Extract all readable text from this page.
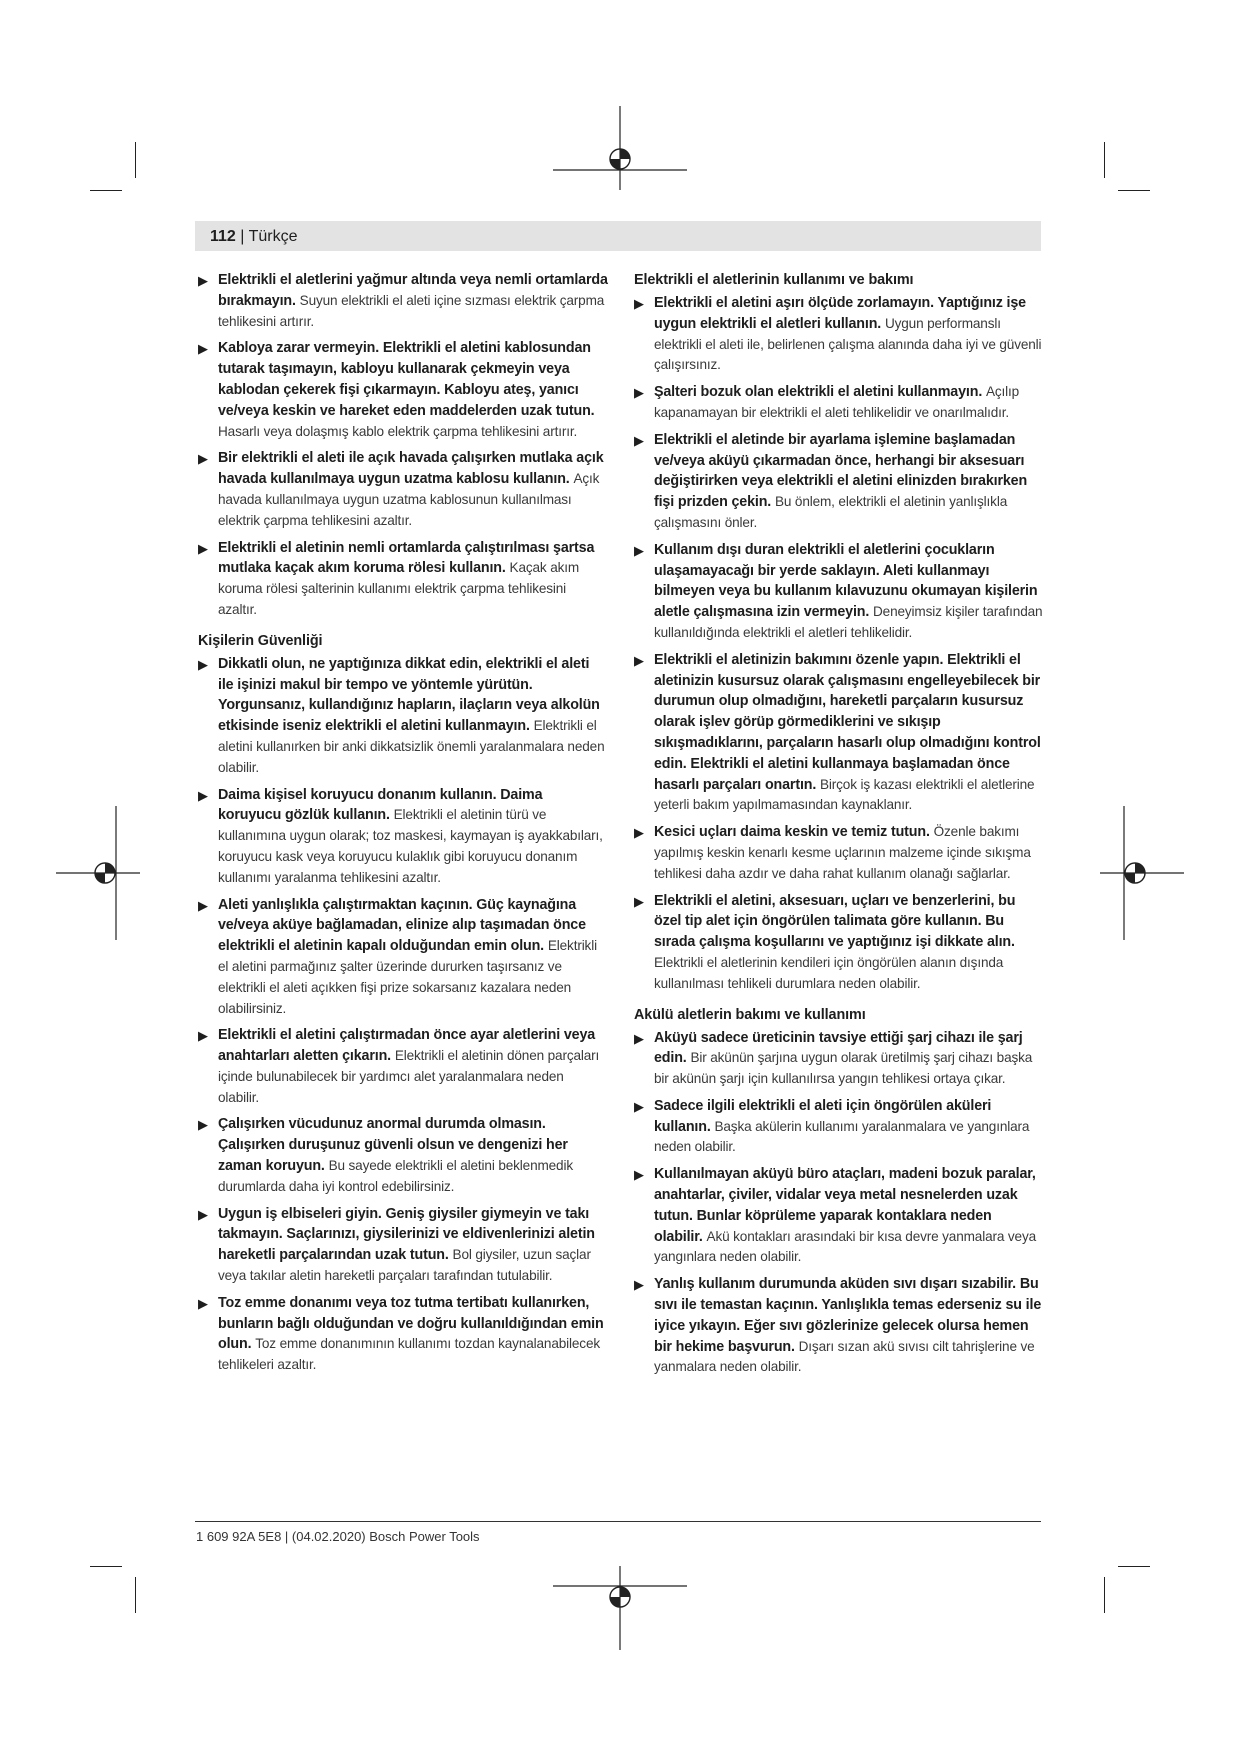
112 | Türkçe
▶ Elektrikli el aletlerini yağmur altında veya nemli ortamlarda bırakmayın. Suyun elektrikli el aleti içine sızması elektrik çarpma tehlikesini artırır.
▶ Kabloya zarar vermeyin. Elektrikli el aletini kablosundan tutarak taşımayın, kabloyu kullanarak çekmeyin veya kablodan çekerek fişi çıkarmayın. Kabloyu ateş, yanıcı ve/veya keskin ve hareket eden maddelerden uzak tutun. Hasarlı veya dolaşmış kablo elektrik çarpma tehlikesini artırır.
▶ Bir elektrikli el aleti ile açık havada çalışırken mutlaka açık havada kullanılmaya uygun uzatma kablosu kullanın. Açık havada kullanılmaya uygun uzatma kablosunun kullanılması elektrik çarpma tehlikesini azaltır.
▶ Elektrikli el aletinin nemli ortamlarda çalıştırılması şartsa mutlaka kaçak akım koruma rölesi kullanın. Kaçak akım koruma rölesi şalterinin kullanımı elektrik çarpma tehlikesini azaltır.
Kişilerin Güvenliği
▶ Dikkatli olun, ne yaptığınıza dikkat edin, elektrikli el aleti ile işinizi makul bir tempo ve yöntemle yürütün. Yorgunsanız, kullandığınız hapların, ilaçların veya alkolün etkisinde iseniz elektrikli el aletini kullanmayın. Elektrikli el aletini kullanırken bir anki dikkatsizlik önemli yaralanmalara neden olabilir.
▶ Daima kişisel koruyucu donanım kullanın. Daima koruyucu gözlük kullanın. Elektrikli el aletinin türü ve kullanımına uygun olarak; toz maskesi, kaymayan iş ayakkabıları, koruyucu kask veya koruyucu kulaklık gibi koruyucu donanım kullanımı yaralanma tehlikesini azaltır.
▶ Aleti yanlışlıkla çalıştırmaktan kaçının. Güç kaynağına ve/veya aküye bağlamadan, elinize alıp taşımadan önce elektrikli el aletinin kapalı olduğundan emin olun. Elektrikli el aletini parmağınız şalter üzerinde dururken taşırsanız ve elektrikli el aleti açıkken fişi prize sokarsanız kazalara neden olabilirsiniz.
▶ Elektrikli el aletini çalıştırmadan önce ayar aletlerini veya anahtarları aletten çıkarın. Elektrikli el aletinin dönen parçaları içinde bulunabilecek bir yardımcı alet yaralanmalara neden olabilir.
▶ Çalışırken vücudunuz anormal durumda olmasın. Çalışırken duruşunuz güvenli olsun ve dengenizi her zaman koruyun. Bu sayede elektrikli el aletini beklenmedik durumlarda daha iyi kontrol edebilirsiniz.
▶ Uygun iş elbiseleri giyin. Geniş giysiler giymeyin ve takı takmayın. Saçlarınızı, giysilerinizi ve eldivenlerinizi aletin hareketli parçalarından uzak tutun. Bol giysiler, uzun saçlar veya takılar aletin hareketli parçaları tarafından tutulabilir.
▶ Toz emme donanımı veya toz tutma tertibatı kullanırken, bunların bağlı olduğundan ve doğru kullanıldığından emin olun. Toz emme donanımının kullanımı tozdan kaynalanabilecek tehlikeleri azaltır.
Elektrikli el aletlerinin kullanımı ve bakımı
▶ Elektrikli el aletini aşırı ölçüde zorlamayın. Yaptığınız işe uygun elektrikli el aletleri kullanın. Uygun performanslı elektrikli el aleti ile, belirlenen çalışma alanında daha iyi ve güvenli çalışırsınız.
▶ Şalteri bozuk olan elektrikli el aletini kullanmayın. Açılıp kapanamayan bir elektrikli el aleti tehlikelidir ve onarılmalıdır.
▶ Elektrikli el aletinde bir ayarlama işlemine başlamadan ve/veya aküyü çıkarmadan önce, herhangi bir aksesuarı değiştirirken veya elektrikli el aletini elinizden bırakırken fişi prizden çekin. Bu önlem, elektrikli el aletinin yanlışlıkla çalışmasını önler.
▶ Kullanım dışı duran elektrikli el aletlerini çocukların ulaşamayacağı bir yerde saklayın. Aleti kullanmayı bilmeyen veya bu kullanım kılavuzunu okumayan kişilerin aletle çalışmasına izin vermeyin. Deneyimsiz kişiler tarafından kullanıldığında elektrikli el aletleri tehlikelidir.
▶ Elektrikli el aletinizin bakımını özenle yapın. Elektrikli el aletinizin kusursuz olarak çalışmasını engelleyebilecek bir durumun olup olmadığını, hareketli parçaların kusursuz olarak işlev görüp görmediklerini ve sıkışıp sıkışmadıklarını, parçaların hasarlı olup olmadığını kontrol edin. Elektrikli el aletini kullanmaya başlamadan önce hasarlı parçaları onartın. Birçok iş kazası elektrikli el aletlerine yeterli bakım yapılmamasından kaynaklanır.
▶ Kesici uçları daima keskin ve temiz tutun. Özenle bakımı yapılmış keskin kenarlı kesme uçlarının malzeme içinde sıkışma tehlikesi daha azdır ve daha rahat kullanım olanağı sağlarlar.
▶ Elektrikli el aletini, aksesuarı, uçları ve benzerlerini, bu özel tip alet için öngörülen talimata göre kullanın. Bu sırada çalışma koşullarını ve yaptığınız işi dikkate alın. Elektrikli el aletlerinin kendileri için öngörülen alanın dışında kullanılması tehlikeli durumlara neden olabilir.
Akülü aletlerin bakımı ve kullanımı
▶ Aküyü sadece üreticinin tavsiye ettiği şarj cihazı ile şarj edin. Bir akünün şarjına uygun olarak üretilmiş şarj cihazı başka bir akünün şarjı için kullanılırsa yangın tehlikesi ortaya çıkar.
▶ Sadece ilgili elektrikli el aleti için öngörülen aküleri kullanın. Başka akülerin kullanımı yaralanmalara ve yangınlara neden olabilir.
▶ Kullanılmayan aküyü büro ataçları, madeni bozuk paralar, anahtarlar, çiviler, vidalar veya metal nesnelerden uzak tutun. Bunlar köprüleme yaparak kontaklara neden olabilir. Akü kontakları arasındaki bir kısa devre yanmalara veya yangınlara neden olabilir.
▶ Yanlış kullanım durumunda aküden sıvı dışarı sızabilir. Bu sıvı ile temastan kaçının. Yanlışlıkla temas ederseniz su ile iyice yıkayın. Eğer sıvı gözlerinize gelecek olursa hemen bir hekime başvurun. Dışarı sızan akü sıvısı cilt tahrişlerine ve yanmalara neden olabilir.
1 609 92A 5E8 | (04.02.2020) Bosch Power Tools
